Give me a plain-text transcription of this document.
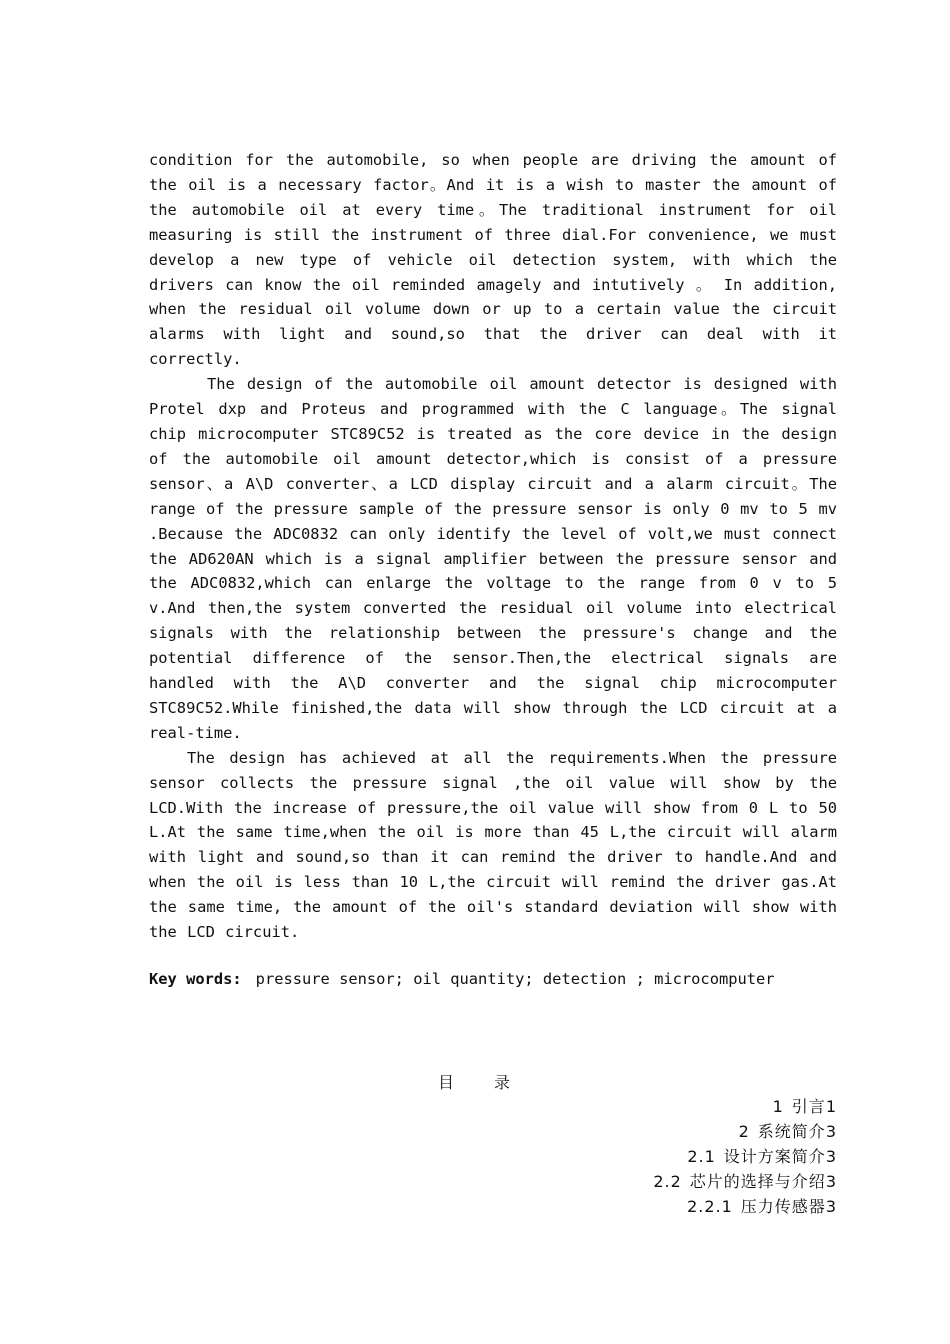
condition for the automobile, so when people are driving the amount of the oil is a necessary factor。And it is a wish to master the amount of the automobile oil at every time。The traditional instrument for oil measuring is still the instrument of three dial.For convenience, we must develop a new type of vehicle oil detection system, with which the drivers can know the oil reminded amagely and intutively 。 In addition, when the residual oil volume down or up to a certain value the circuit alarms with light and sound,so that the driver can deal with it correctly.

The design of the automobile oil amount detector is designed with Protel dxp and Proteus and programmed with the C language。The signal chip microcomputer STC89C52 is treated as the core device in the design of the automobile oil amount detector,which is consist of a pressure sensor、a A\D converter、a LCD display circuit and a alarm circuit。The range of the pressure sample of the pressure sensor is only 0 mv to 5 mv .Because the ADC0832 can only identify the level of volt,we must connect the AD620AN which is a signal amplifier between the pressure sensor and the ADC0832,which can enlarge the voltage to the range from 0 v to 5 v.And then,the system converted the residual oil volume into electrical signals with the relationship between the pressure's change and the potential difference of the sensor.Then,the electrical signals are handled with the A\D converter and the signal chip microcomputer STC89C52.While finished,the data will show through the LCD circuit at a real-time.

The design has achieved at all the requirements.When the pressure sensor collects the pressure signal ,the oil value will show by the LCD.With the increase of pressure,the oil value will show from 0 L to 50 L.At the same time,when the oil is more than 45 L,the circuit will alarm with light and sound,so than it can remind the driver to handle.And and when the oil is less than 10 L,the circuit will remind the driver gas.At the same time, the amount of the oil's standard deviation will show with the LCD circuit.

Key words: pressure sensor; oil quantity; detection ; microcomputer
目录
1 引言1
2 系统简介3
2.1 设计方案简介3
2.2 芯片的选择与介绍3
2.2.1 压力传感器3
